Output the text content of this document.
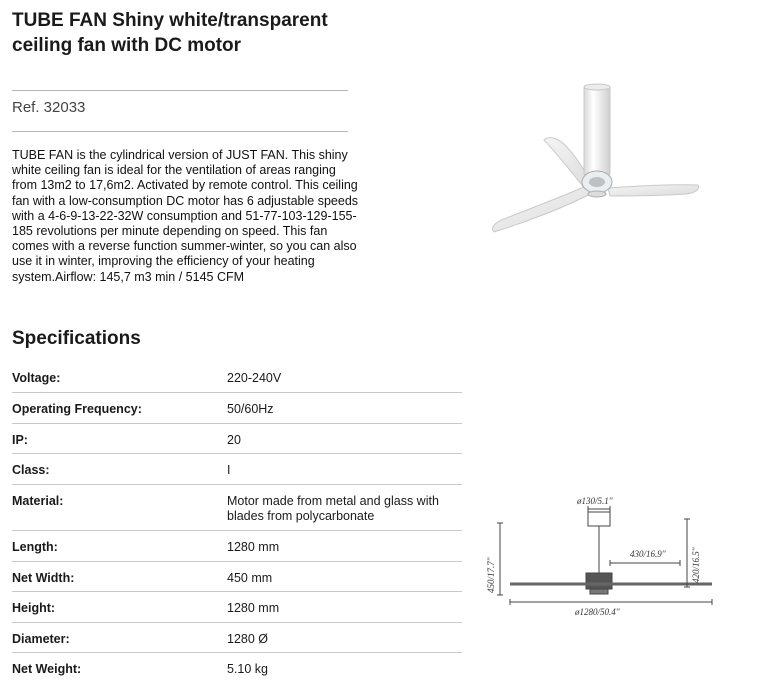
TUBE FAN Shiny white/transparent ceiling fan with DC motor
Ref. 32033

TUBE FAN is the cylindrical version of JUST FAN. This shiny white ceiling fan is ideal for the ventilation of areas ranging from 13m2 to 17,6m2. Activated by remote control. This ceiling fan with a low-consumption DC motor has 6 adjustable speeds with a 4-6-9-13-22-32W consumption and 51-77-103-129-155-185 revolutions per minute depending on speed. This fan comes with a reverse function summer-winter, so you can also use it in winter, improving the efficiency of your heating system.Airflow: 145,7 m3 min / 5145 CFM

Specifications
Voltage:	220-240V
Operating Frequency:	50/60Hz
IP:	20
Class:	I
Material:	Motor made from metal and glass with blades from polycarbonate
Length:	1280 mm
Net Width:	450 mm
Height:	1280 mm
Diameter:	1280 Ø
Net Weight:	5.10 kg
ø130/5.1''
430/16.9''
ø1280/50.4''
450/17.7''	420/16.5''
